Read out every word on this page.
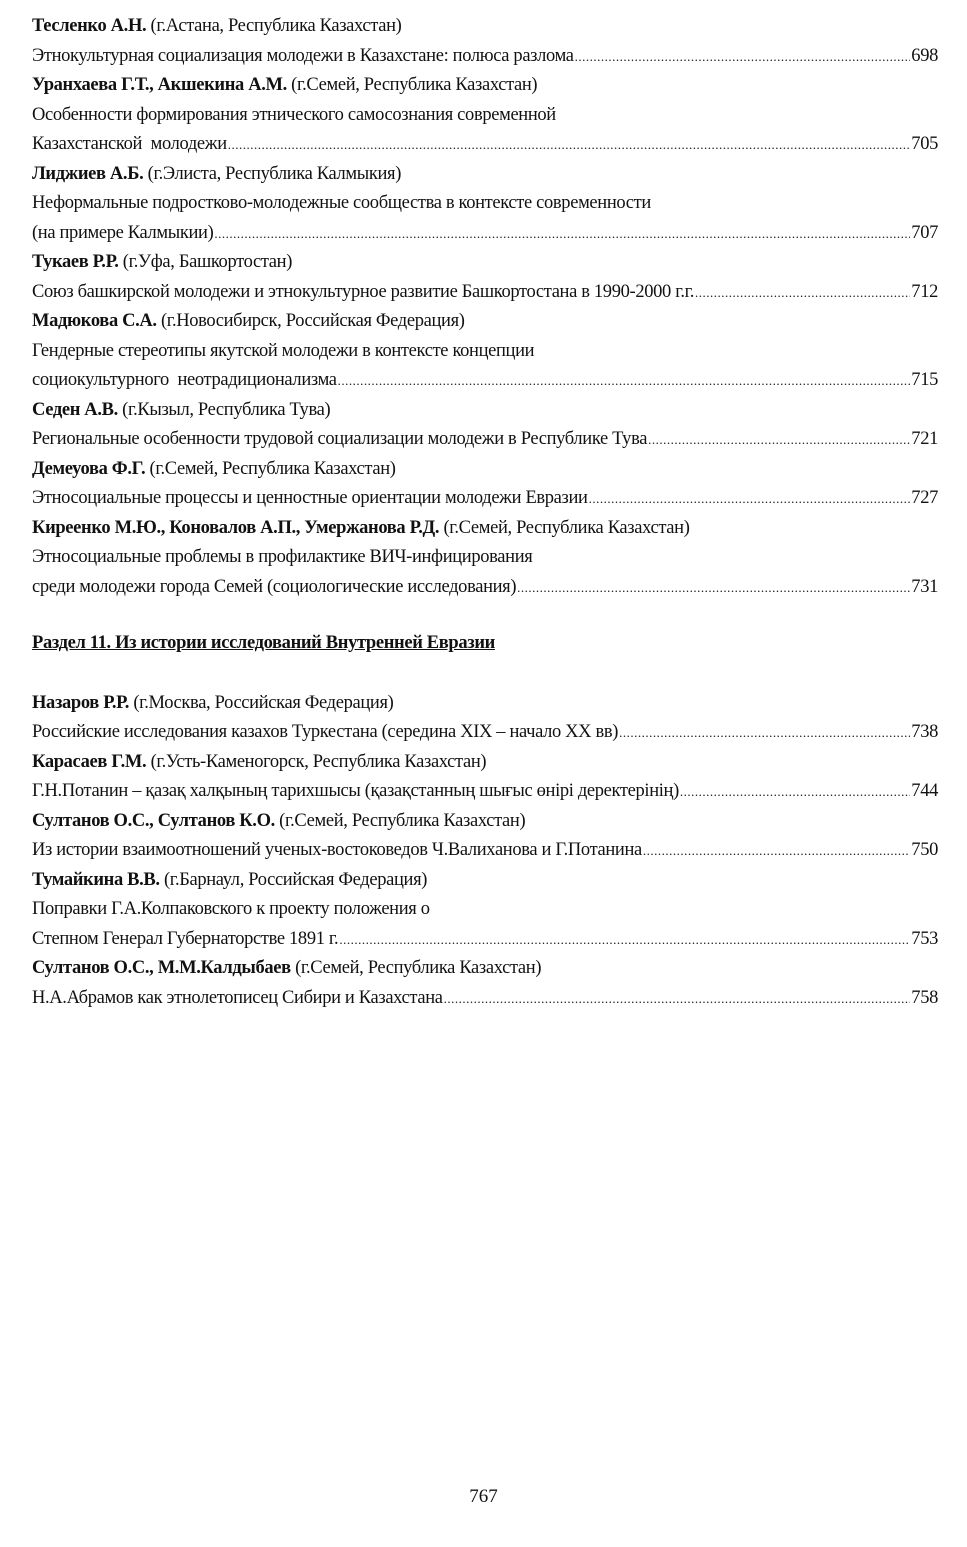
Тесленко А.Н. (г.Астана, Республика Казахстан)
Этнокультурная социализация молодежи в Казахстане: полюса разлома .....	698
Уранхаева Г.Т., Акшекина А.М. (г.Семей, Республика Казахстан)
Особенности формирования этнического самосознания современной
Казахстанской  молодежи .....	705
Лиджиев А.Б. (г.Элиста, Республика Калмыкия)
Неформальные подростково-молодежные сообщества в контексте современности
(на примере Калмыкии) .....	707
Тукаев Р.Р. (г.Уфа, Башкортостан)
Союз башкирской молодежи и этнокультурное развитие Башкортостана в 1990-2000 г.г. .....	712
Мадюкова С.А. (г.Новосибирск, Российская Федерация)
Гендерные стереотипы якутской молодежи в контексте концепции
социокультурного  неотрадиционализма .....	715
Седен А.В. (г.Кызыл, Республика Тува)
Региональные особенности трудовой социализации молодежи в Республике Тува .....	721
Демеуова Ф.Г. (г.Семей, Республика Казахстан)
Этносоциальные процессы и ценностные ориентации молодежи Евразии .....	727
Киреенко М.Ю., Коновалов А.П., Умержанова Р.Д. (г.Семей, Республика Казахстан)
Этносоциальные проблемы в профилактике ВИЧ-инфицирования
среди молодежи города Семей (социологические исследования) .....	731
Раздел 11. Из истории исследований Внутренней Евразии
Назаров Р.Р. (г.Москва, Российская Федерация)
Российские исследования казахов Туркестана (середина XIX – начало XX вв) .....	738
Карасаев Г.М. (г.Усть-Каменогорск, Республика Казахстан)
Г.Н.Потанин – қазақ халқының тарихшысы (қазақстанның шығыс өнірі деректерінің) .....	744
Султанов О.С., Султанов К.О. (г.Семей, Республика Казахстан)
Из истории взаимоотношений ученых-востоковедов Ч.Валиханова и Г.Потанина .....	750
Тумайкина В.В. (г.Барнаул, Российская Федерация)
Поправки Г.А.Колпаковского к проекту положения о
Степном Генерал Губернаторстве 1891 г. .....	753
Султанов О.С., М.М.Калдыбаев (г.Семей, Республика Казахстан)
Н.А.Абрамов как этнолетописец Сибири и Казахстана .....	758
767
